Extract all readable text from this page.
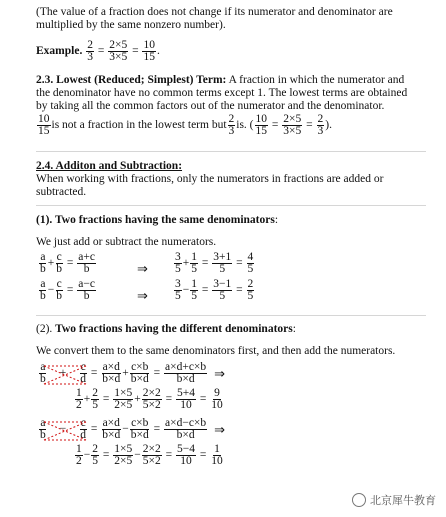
(The value of a fraction does not change if its numerator and denominator are
multiplied by the same nonzero number).
Example.
$\frac{2}{3} = \frac{2\times 5}{3\times 5} = \frac{10}{15}$ .
2.3. Lowest (Reduced; Simplest) Term: A fraction in which the numerator and
the denominator have no common terms except 1. The lowest terms are obtained
by taking all the common factors out of the numerator and the denominator.
$\frac{10}{15}$ is not a fraction in the lowest term but $\frac{2}{3}$ is. ( $\frac{10}{15} = \frac{2\times 5}{3\times 5} = \frac{2}{3}$ ).
2.4. Additon and Subtraction:
When working with fractions, only the numerators in fractions are added or
subtracted.
(1). Two fractions having the same denominators:
We just add or subtract the numerators.
$\frac{a}{b} + \frac{c}{b} = \frac{a+c}{b}$	⇒ $\frac{3}{5} + \frac{1}{5} = \frac{3+1}{5} = \frac{4}{5}$
$\frac{a}{b} - \frac{c}{b} = \frac{a-c}{b}$	⇒ $\frac{3}{5} - \frac{1}{5} = \frac{3-1}{5} = \frac{2}{5}$
(2). Two fractions having the different denominators:
We convert them to the same denominators first, and then add the numerators.
$\frac{a}{b} + \frac{c}{d} = \frac{a\times d}{b\times d} + \frac{c\times b}{b\times d} = \frac{a\times d+c\times b}{b\times d}$ ⇒
$\frac{1}{2} + \frac{2}{5} = \frac{1\times 5}{2\times 5} + \frac{2\times 2}{5\times 2} = \frac{5+4}{10} = \frac{9}{10}$
$\frac{a}{b} - \frac{c}{d} = \frac{a\times d}{b\times d} - \frac{c\times b}{b\times d} = \frac{a\times d-c\times b}{b\times d}$ ⇒
$\frac{1}{2} - \frac{2}{5} = \frac{1\times 5}{2\times 5} - \frac{2\times 2}{5\times 2} = \frac{5-4}{10} = \frac{1}{10}$
北京犀牛教育
